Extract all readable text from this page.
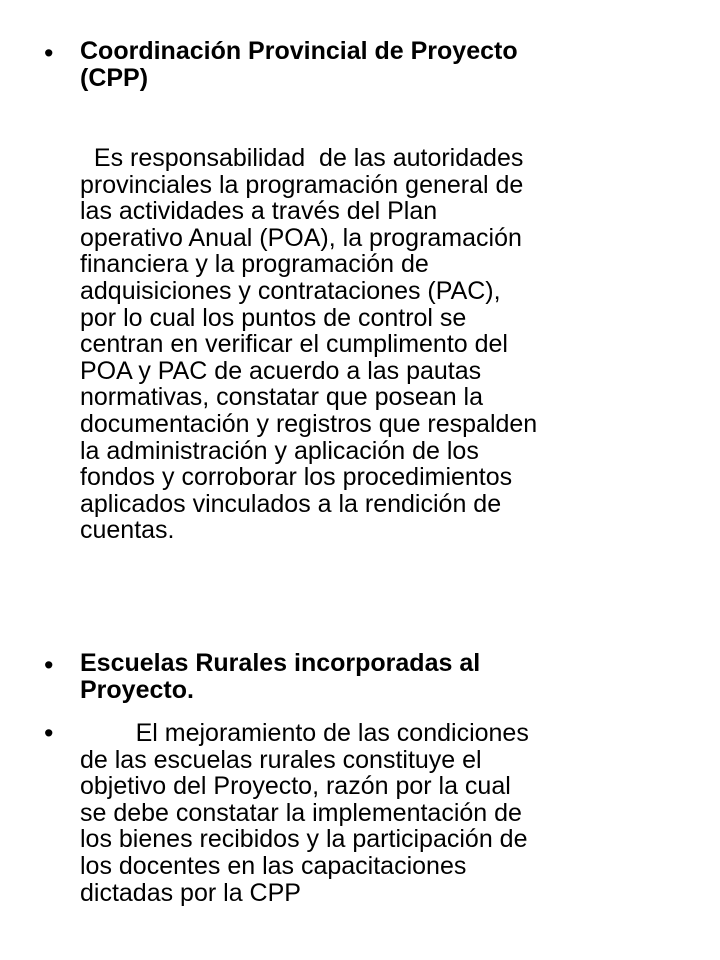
• Coordinación Provincial de Proyecto
(CPP)
Es responsabilidad  de las autoridades
provinciales la programación general de
las actividades a través del Plan
operativo Anual (POA), la programación
financiera y la programación de
adquisiciones y contrataciones (PAC),
por lo cual los puntos de control se
centran en verificar el cumplimento del
POA y PAC de acuerdo a las pautas
normativas, constatar que posean la
documentación y registros que respalden
la administración y aplicación de los
fondos y corroborar los procedimientos
aplicados vinculados a la rendición de
cuentas.
• Escuelas Rurales incorporadas al
Proyecto.
•	El mejoramiento de las condiciones
de las escuelas rurales constituye el
objetivo del Proyecto, razón por la cual
se debe constatar la implementación de
los bienes recibidos y la participación de
los docentes en las capacitaciones
dictadas por la CPP
